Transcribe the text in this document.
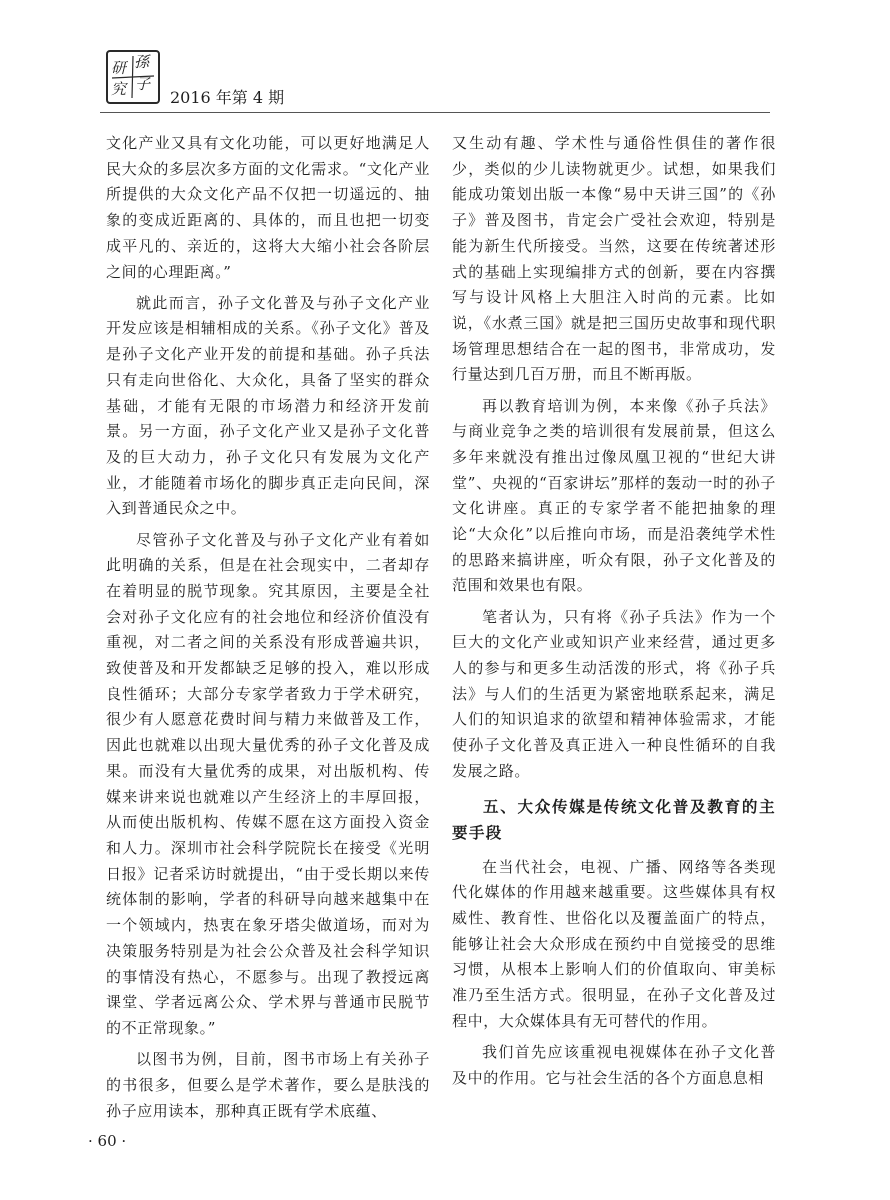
研 孫
究 子
2016 年第 4 期

文化产业又具有文化功能，可以更好地满足人民大众的多层次多方面的文化需求。“文化产业所提供的大众文化产品不仅把一切遥远的、抽象的变成近距离的、具体的，而且也把一切变成平凡的、亲近的，这将大大缩小社会各阶层之间的心理距离。”

就此而言，孙子文化普及与孙子文化产业开发应该是相辅相成的关系。《孙子文化》普及是孙子文化产业开发的前提和基础。孙子兵法只有走向世俗化、大众化，具备了坚实的群众基础，才能有无限的市场潜力和经济开发前景。另一方面，孙子文化产业又是孙子文化普及的巨大动力，孙子文化只有发展为文化产业，才能随着市场化的脚步真正走向民间，深入到普通民众之中。

尽管孙子文化普及与孙子文化产业有着如此明确的关系，但是在社会现实中，二者却存在着明显的脱节现象。究其原因，主要是全社会对孙子文化应有的社会地位和经济价值没有重视，对二者之间的关系没有形成普遍共识，致使普及和开发都缺乏足够的投入，难以形成良性循环；大部分专家学者致力于学术研究，很少有人愿意花费时间与精力来做普及工作，因此也就难以出现大量优秀的孙子文化普及成果。而没有大量优秀的成果，对出版机构、传媒来讲来说也就难以产生经济上的丰厚回报，从而使出版机构、传媒不愿在这方面投入资金和人力。深圳市社会科学院院长在接受《光明日报》记者采访时就提出，“由于受长期以来传统体制的影响，学者的科研导向越来越集中在一个领域内，热衷在象牙塔尖做道场，而对为决策服务特别是为社会公众普及社会科学知识的事情没有热心，不愿参与。出现了教授远离课堂、学者远离公众、学术界与普通市民脱节的不正常现象。”

以图书为例，目前，图书市场上有关孙子的书很多，但要么是学术著作，要么是肤浅的孙子应用读本，那种真正既有学术底蕴、

又生动有趣、学术性与通俗性俱佳的著作很少，类似的少儿读物就更少。试想，如果我们能成功策划出版一本像“易中天讲三国”的《孙子》普及图书，肯定会广受社会欢迎，特别是能为新生代所接受。当然，这要在传统著述形式的基础上实现编排方式的创新，要在内容撰写与设计风格上大胆注入时尚的元素。比如说，《水煮三国》就是把三国历史故事和现代职场管理思想结合在一起的图书，非常成功，发行量达到几百万册，而且不断再版。

再以教育培训为例，本来像《孙子兵法》与商业竞争之类的培训很有发展前景，但这么多年来就没有推出过像凤凰卫视的“世纪大讲堂”、央视的“百家讲坛”那样的轰动一时的孙子文化讲座。真正的专家学者不能把抽象的理论“大众化”以后推向市场，而是沿袭纯学术性的思路来搞讲座，听众有限，孙子文化普及的范围和效果也有限。

笔者认为，只有将《孙子兵法》作为一个巨大的文化产业或知识产业来经营，通过更多人的参与和更多生动活泼的形式，将《孙子兵法》与人们的生活更为紧密地联系起来，满足人们的知识追求的欲望和精神体验需求，才能使孙子文化普及真正进入一种良性循环的自我发展之路。

五、大众传媒是传统文化普及教育的主要手段

在当代社会，电视、广播、网络等各类现代化媒体的作用越来越重要。这些媒体具有权威性、教育性、世俗化以及覆盖面广的特点，能够让社会大众形成在预约中自觉接受的思维习惯，从根本上影响人们的价值取向、审美标准乃至生活方式。很明显，在孙子文化普及过程中，大众媒体具有无可替代的作用。

我们首先应该重视电视媒体在孙子文化普及中的作用。它与社会生活的各个方面息息相

· 60 ·
